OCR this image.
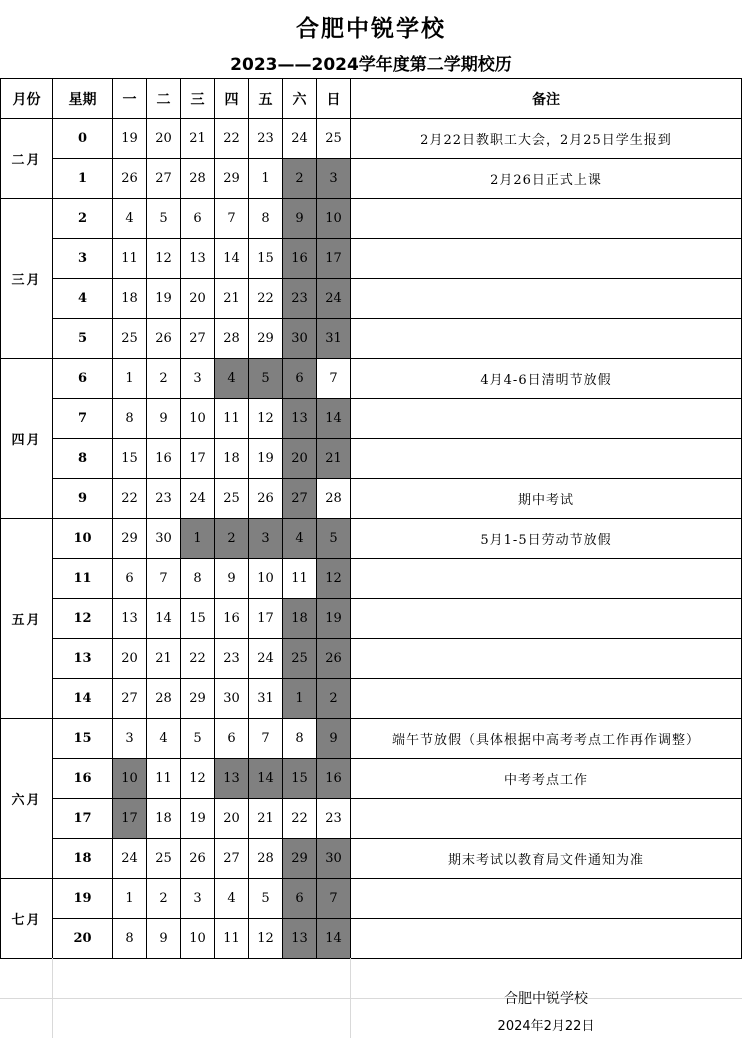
合肥中锐学校
2023——2024学年度第二学期校历
月份	星期	一	二	三	四	五	六	日	备注
二月	0	19	20	21	22	23	24	25	2月22日教职工大会，2月25日学生报到
	1	26	27	28	29	1	2	3	2月26日正式上课
三月	2	4	5	6	7	8	9	10	
	3	11	12	13	14	15	16	17	
	4	18	19	20	21	22	23	24	
	5	25	26	27	28	29	30	31	
四月	6	1	2	3	4	5	6	7	4月4-6日清明节放假
	7	8	9	10	11	12	13	14	
	8	15	16	17	18	19	20	21	
	9	22	23	24	25	26	27	28	期中考试
五月	10	29	30	1	2	3	4	5	5月1-5日劳动节放假
	11	6	7	8	9	10	11	12	
	12	13	14	15	16	17	18	19	
	13	20	21	22	23	24	25	26	
	14	27	28	29	30	31	1	2	
六月	15	3	4	5	6	7	8	9	端午节放假（具体根据中高考考点工作再作调整）
	16	10	11	12	13	14	15	16	中考考点工作
	17	17	18	19	20	21	22	23	
	18	24	25	26	27	28	29	30	期末考试以教育局文件通知为准
七月	19	1	2	3	4	5	6	7	
	20	8	9	10	11	12	13	14	
合肥中锐学校
2024年2月22日
